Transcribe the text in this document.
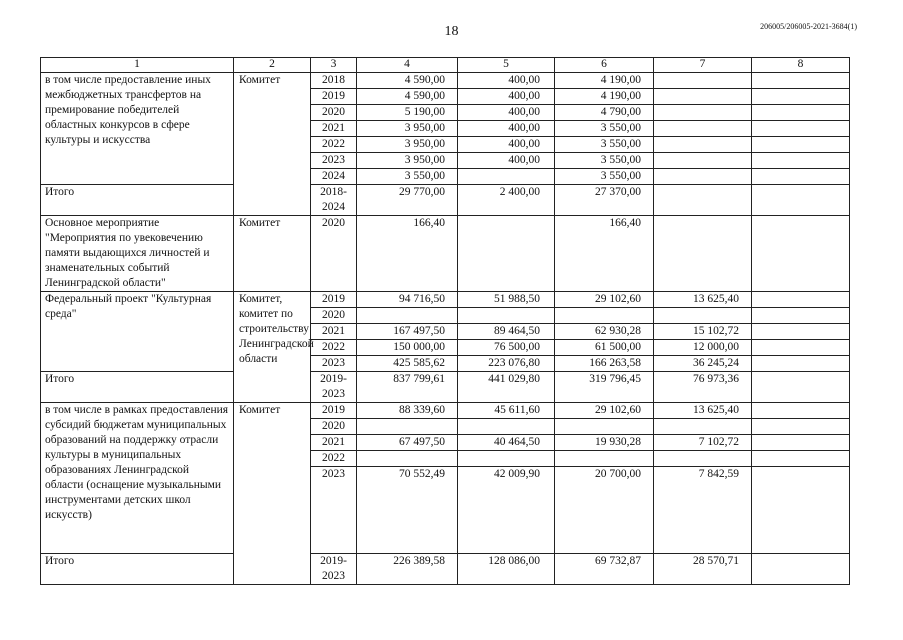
18	206005/206005-2021-3684(1)
1	2	3	4	5	6	7	8
в том числе предоставление иных межбюджетных трансфертов на премирование победителей областных конкурсов в сфере культуры и искусства	Комитет	2018	4 590,00	400,00	4 190,00		
		2019	4 590,00	400,00	4 190,00		
		2020	5 190,00	400,00	4 790,00		
		2021	3 950,00	400,00	3 550,00		
		2022	3 950,00	400,00	3 550,00		
		2023	3 950,00	400,00	3 550,00		
		2024	3 550,00		3 550,00		
Итого		2018-2024	29 770,00	2 400,00	27 370,00		
Основное мероприятие "Мероприятия по увековечению памяти выдающихся личностей и знаменательных событий Ленинградской области"	Комитет	2020	166,40		166,40		
Федеральный проект "Культурная среда"	Комитет, комитет по строительству Ленинградской области	2019	94 716,50	51 988,50	29 102,60	13 625,40	
		2020					
		2021	167 497,50	89 464,50	62 930,28	15 102,72	
		2022	150 000,00	76 500,00	61 500,00	12 000,00	
		2023	425 585,62	223 076,80	166 263,58	36 245,24	
Итого		2019-2023	837 799,61	441 029,80	319 796,45	76 973,36	
в том числе в рамках предоставления субсидий бюджетам муниципальных образований на поддержку отрасли культуры в муниципальных образованиях Ленинградской области (оснащение музыкальными инструментами детских школ искусств)	Комитет	2019	88 339,60	45 611,60	29 102,60	13 625,40	
		2020					
		2021	67 497,50	40 464,50	19 930,28	7 102,72	
		2022					
		2023	70 552,49	42 009,90	20 700,00	7 842,59	
Итого		2019-2023	226 389,58	128 086,00	69 732,87	28 570,71	
